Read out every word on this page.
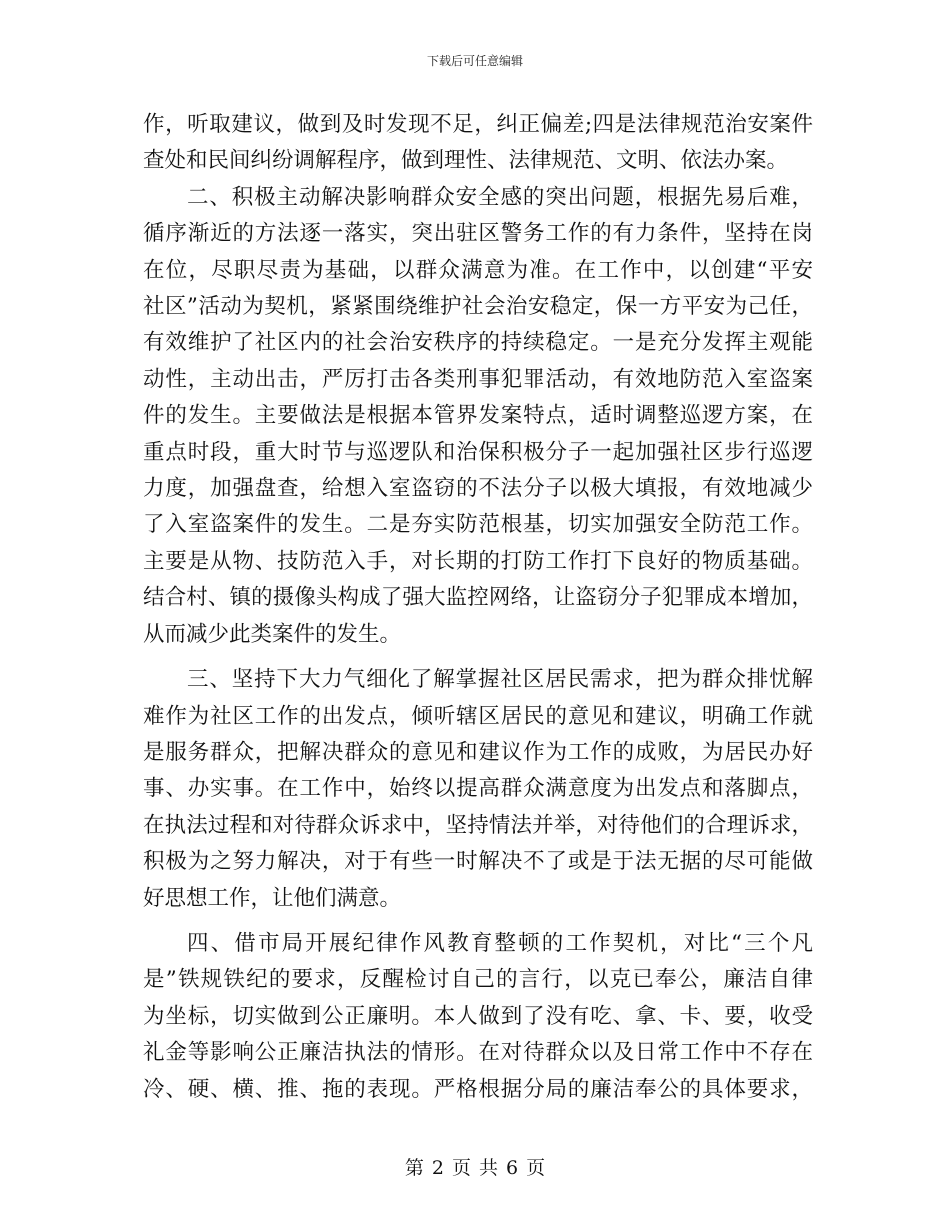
下载后可任意编辑
作，听取建议，做到及时发现不足，纠正偏差;四是法律规范治安案件
查处和民间纠纷调解程序，做到理性、法律规范、文明、依法办案。
二、积极主动解决影响群众安全感的突出问题，根据先易后难，
循序渐近的方法逐一落实，突出驻区警务工作的有力条件，坚持在岗
在位，尽职尽责为基础，以群众满意为准。在工作中，以创建“平安
社区”活动为契机，紧紧围绕维护社会治安稳定，保一方平安为己任，
有效维护了社区内的社会治安秩序的持续稳定。一是充分发挥主观能
动性，主动出击，严厉打击各类刑事犯罪活动，有效地防范入室盗案
件的发生。主要做法是根据本管界发案特点，适时调整巡逻方案，在
重点时段，重大时节与巡逻队和治保积极分子一起加强社区步行巡逻
力度，加强盘查，给想入室盗窃的不法分子以极大填报，有效地减少
了入室盗案件的发生。二是夯实防范根基，切实加强安全防范工作。
主要是从物、技防范入手，对长期的打防工作打下良好的物质基础。
结合村、镇的摄像头构成了强大监控网络，让盗窃分子犯罪成本增加，
从而减少此类案件的发生。
三、坚持下大力气细化了解掌握社区居民需求，把为群众排忧解
难作为社区工作的出发点，倾听辖区居民的意见和建议，明确工作就
是服务群众，把解决群众的意见和建议作为工作的成败，为居民办好
事、办实事。在工作中，始终以提高群众满意度为出发点和落脚点，
在执法过程和对待群众诉求中，坚持情法并举，对待他们的合理诉求，
积极为之努力解决，对于有些一时解决不了或是于法无据的尽可能做
好思想工作，让他们满意。
四、借市局开展纪律作风教育整顿的工作契机，对比“三个凡
是”铁规铁纪的要求，反醒检讨自己的言行，以克已奉公，廉洁自律
为坐标，切实做到公正廉明。本人做到了没有吃、拿、卡、要，收受
礼金等影响公正廉洁执法的情形。在对待群众以及日常工作中不存在
冷、硬、横、推、拖的表现。严格根据分局的廉洁奉公的具体要求，
第 2 页 共 6 页
